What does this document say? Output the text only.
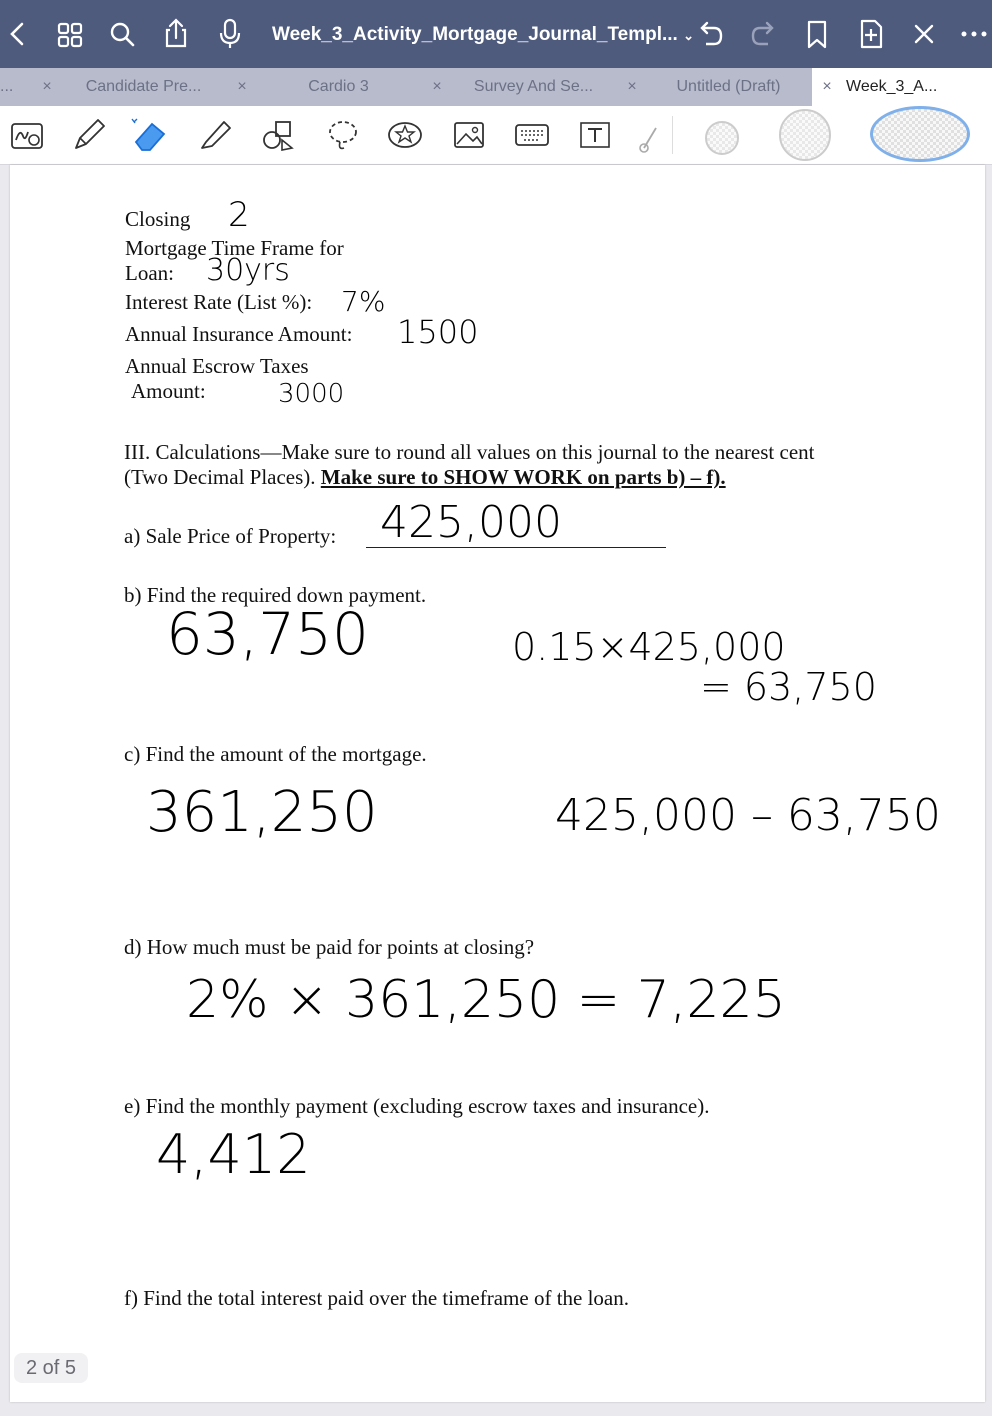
Week_3_Activity_Mortgage_Journal_Templ... ⌄
...	×	Candidate Pre...	×	Cardio 3	×	Survey And Se...	×	Untitled (Draft)	× Week_3_A...
Closing 2
Mortgage Time Frame for
Loan: 30yrs
Interest Rate (List %): 7%
Annual Insurance Amount: 1500
Annual Escrow Taxes
Amount:	3000
III. Calculations—Make sure to round all values on this journal to the nearest cent
(Two Decimal Places). Make sure to SHOW WORK on parts b) – f).
a) Sale Price of Property: 425,000
b) Find the required down payment.
63,750	0.15×425,000
= 63,750
c) Find the amount of the mortgage.
361,250	425,000 – 63,750
d) How much must be paid for points at closing?
2% × 361,250 = 7,225
e) Find the monthly payment (excluding escrow taxes and insurance).
4,412
f) Find the total interest paid over the timeframe of the loan.
2 of 5
